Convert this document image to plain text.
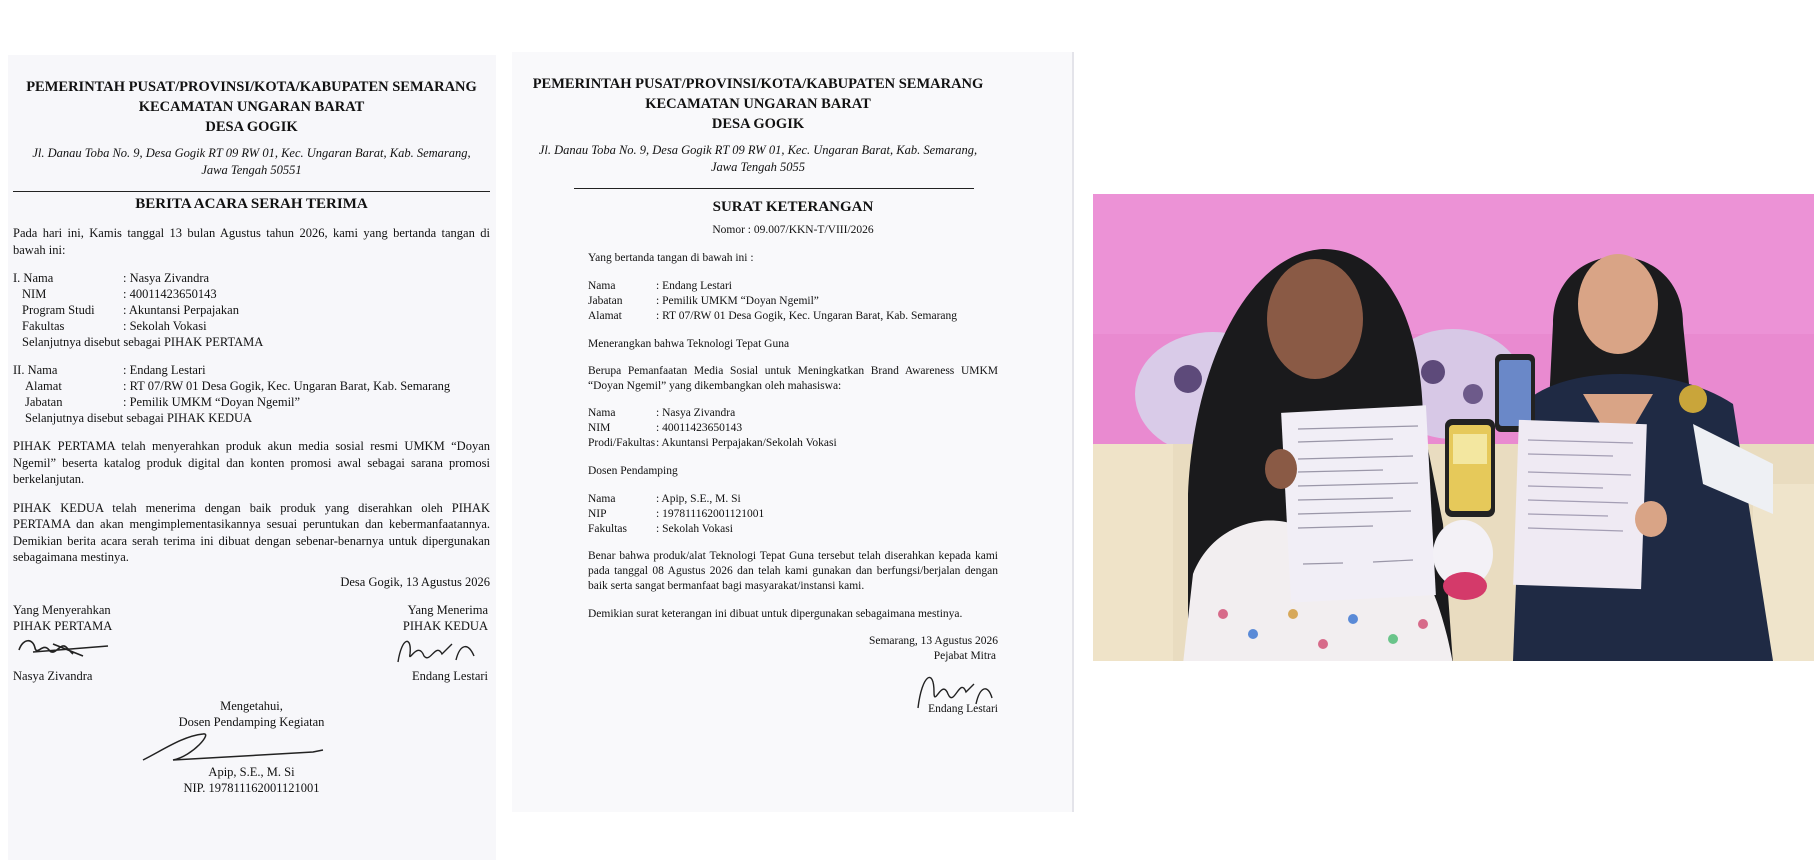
PEMERINTAH PUSAT/PROVINSI/KOTA/KABUPATEN SEMARANG
KECAMATAN UNGARAN BARAT
DESA GOGIK
Jl. Danau Toba No. 9, Desa Gogik RT 09 RW 01, Kec. Ungaran Barat, Kab. Semarang,
Jawa Tengah 50551
BERITA ACARA SERAH TERIMA
Pada hari ini, Kamis tanggal 13 bulan Agustus tahun 2026, kami yang bertanda tangan di bawah ini:
I. Nama	: Nasya Zivandra
NIM	: 40011423650143
Program Studi	: Akuntansi Perpajakan
Fakultas	: Sekolah Vokasi
Selanjutnya disebut sebagai PIHAK PERTAMA
II. Nama	: Endang Lestari
Alamat	: RT 07/RW 01 Desa Gogik, Kec. Ungaran Barat, Kab. Semarang
Jabatan	: Pemilik UMKM “Doyan Ngemil”
Selanjutnya disebut sebagai PIHAK KEDUA
PIHAK PERTAMA telah menyerahkan produk akun media sosial resmi UMKM “Doyan Ngemil” beserta katalog produk digital dan konten promosi awal sebagai sarana promosi berkelanjutan.
PIHAK KEDUA telah menerima dengan baik produk yang diserahkan oleh PIHAK PERTAMA dan akan mengimplementasikannya sesuai peruntukan dan kebermanfaatannya. Demikian berita acara serah terima ini dibuat dengan sebenar-benarnya untuk dipergunakan sebagaimana mestinya.
Desa Gogik, 13 Agustus 2026
Yang Menyerahkan
PIHAK PERTAMA
Nasya Zivandra
Yang Menerima
PIHAK KEDUA
Endang Lestari
Mengetahui,
Dosen Pendamping Kegiatan
Apip, S.E., M. Si
NIP. 197811162001121001
PEMERINTAH PUSAT/PROVINSI/KOTA/KABUPATEN SEMARANG
KECAMATAN UNGARAN BARAT
DESA GOGIK
Jl. Danau Toba No. 9, Desa Gogik RT 09 RW 01, Kec. Ungaran Barat, Kab. Semarang,
Jawa Tengah 5055
SURAT KETERANGAN
Nomor : 09.007/KKN-T/VIII/2026
Yang bertanda tangan di bawah ini :
Nama	: Endang Lestari
Jabatan	: Pemilik UMKM “Doyan Ngemil”
Alamat	: RT 07/RW 01 Desa Gogik, Kec. Ungaran Barat, Kab. Semarang
Menerangkan bahwa Teknologi Tepat Guna
Berupa Pemanfaatan Media Sosial untuk Meningkatkan Brand Awareness UMKM “Doyan Ngemil” yang dikembangkan oleh mahasiswa:
Nama	: Nasya Zivandra
NIM	: 40011423650143
Prodi/Fakultas : Akuntansi Perpajakan/Sekolah Vokasi
Dosen Pendamping
Nama	: Apip, S.E., M. Si
NIP	: 197811162001121001
Fakultas	: Sekolah Vokasi
Benar bahwa produk/alat Teknologi Tepat Guna tersebut telah diserahkan kepada kami pada tanggal 08 Agustus 2026 dan telah kami gunakan dan berfungsi/berjalan dengan baik serta sangat bermanfaat bagi masyarakat/instansi kami.
Demikian surat keterangan ini dibuat untuk dipergunakan sebagaimana mestinya.
Semarang, 13 Agustus 2026
Pejabat Mitra
Endang Lestari
